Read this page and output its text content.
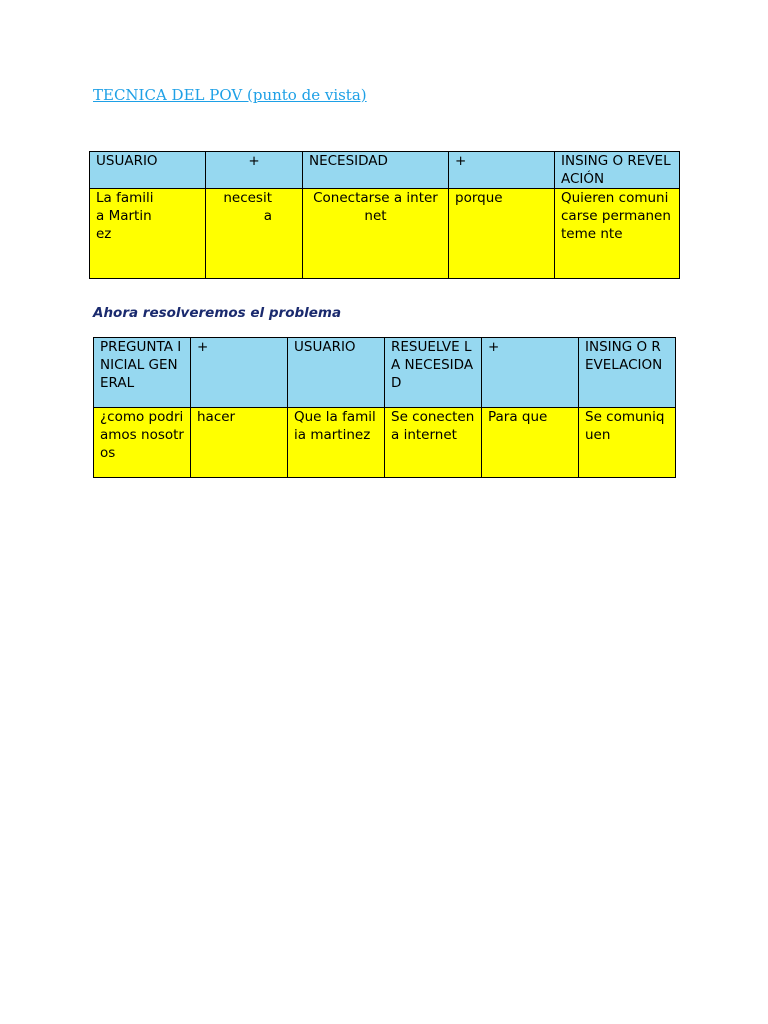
TECNICA DEL POV (punto de vista)
USUARIO	+	NECESIDAD	+	INSING O REVELACIÓN
La familia Martinez	necesita	Conectarse a internet	porque	Quieren comunicarse permanenteme nte
Ahora resolveremos el problema
PREGUNTA INICIAL GENERAL	+	USUARIO	RESUELVE LA NECESIDAD	+	INSING O REVELACION
¿como podriamos nosotros	hacer	Que la familia martinez	Se conecten a internet	Para que	Se comuniquen
